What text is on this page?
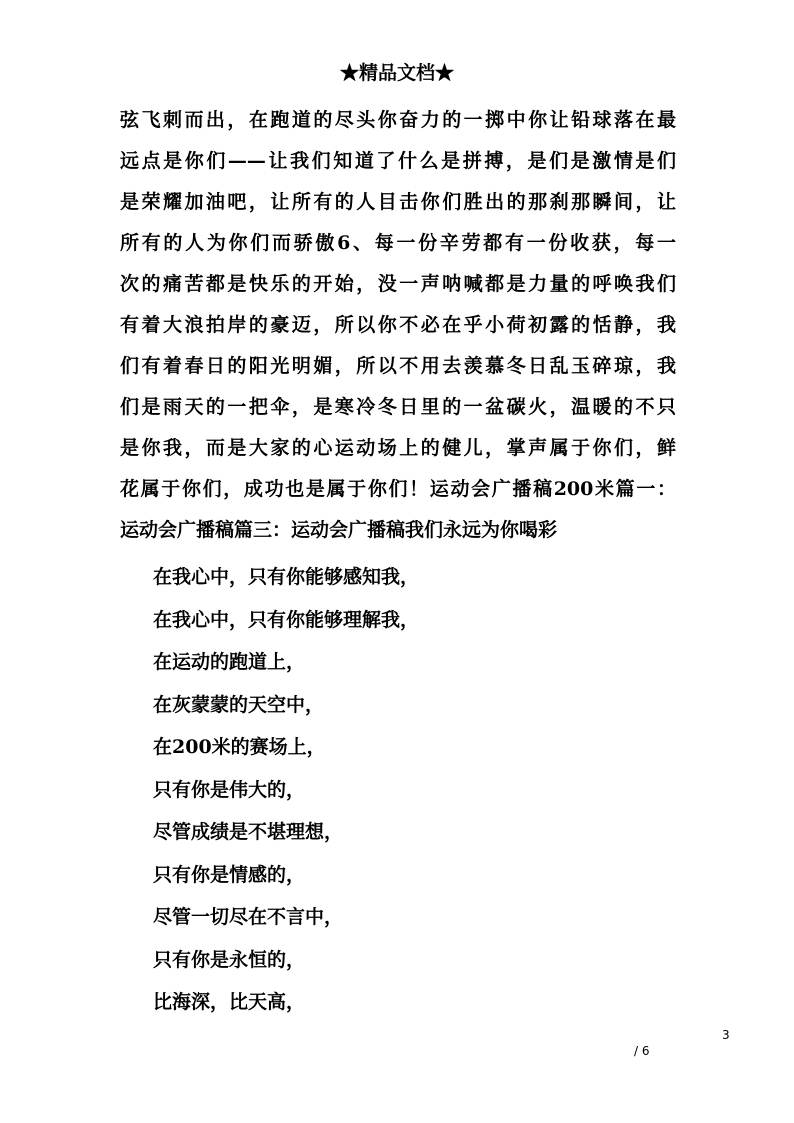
★精品文档★
弦飞刺而出，在跑道的尽头你奋力的一掷中你让铅球落在最
远点是你们——让我们知道了什么是拼搏，是们是激情是们
是荣耀加油吧，让所有的人目击你们胜出的那刹那瞬间，让
所有的人为你们而骄傲6、每一份辛劳都有一份收获，每一
次的痛苦都是快乐的开始，没一声呐喊都是力量的呼唤我们
有着大浪拍岸的豪迈，所以你不必在乎小荷初露的恬静，我
们有着春日的阳光明媚，所以不用去羡慕冬日乱玉碎琼，我
们是雨天的一把伞，是寒冷冬日里的一盆碳火，温暖的不只
是你我，而是大家的心运动场上的健儿，掌声属于你们，鲜
花属于你们，成功也是属于你们！运动会广播稿200米篇一：
运动会广播稿篇三：运动会广播稿我们永远为你喝彩
在我心中，只有你能够感知我，
在我心中，只有你能够理解我，
在运动的跑道上，
在灰蒙蒙的天空中，
在200米的赛场上，
只有你是伟大的，
尽管成绩是不堪理想，
只有你是情感的，
尽管一切尽在不言中，
只有你是永恒的，
比海深，比天高，
3
/ 6
